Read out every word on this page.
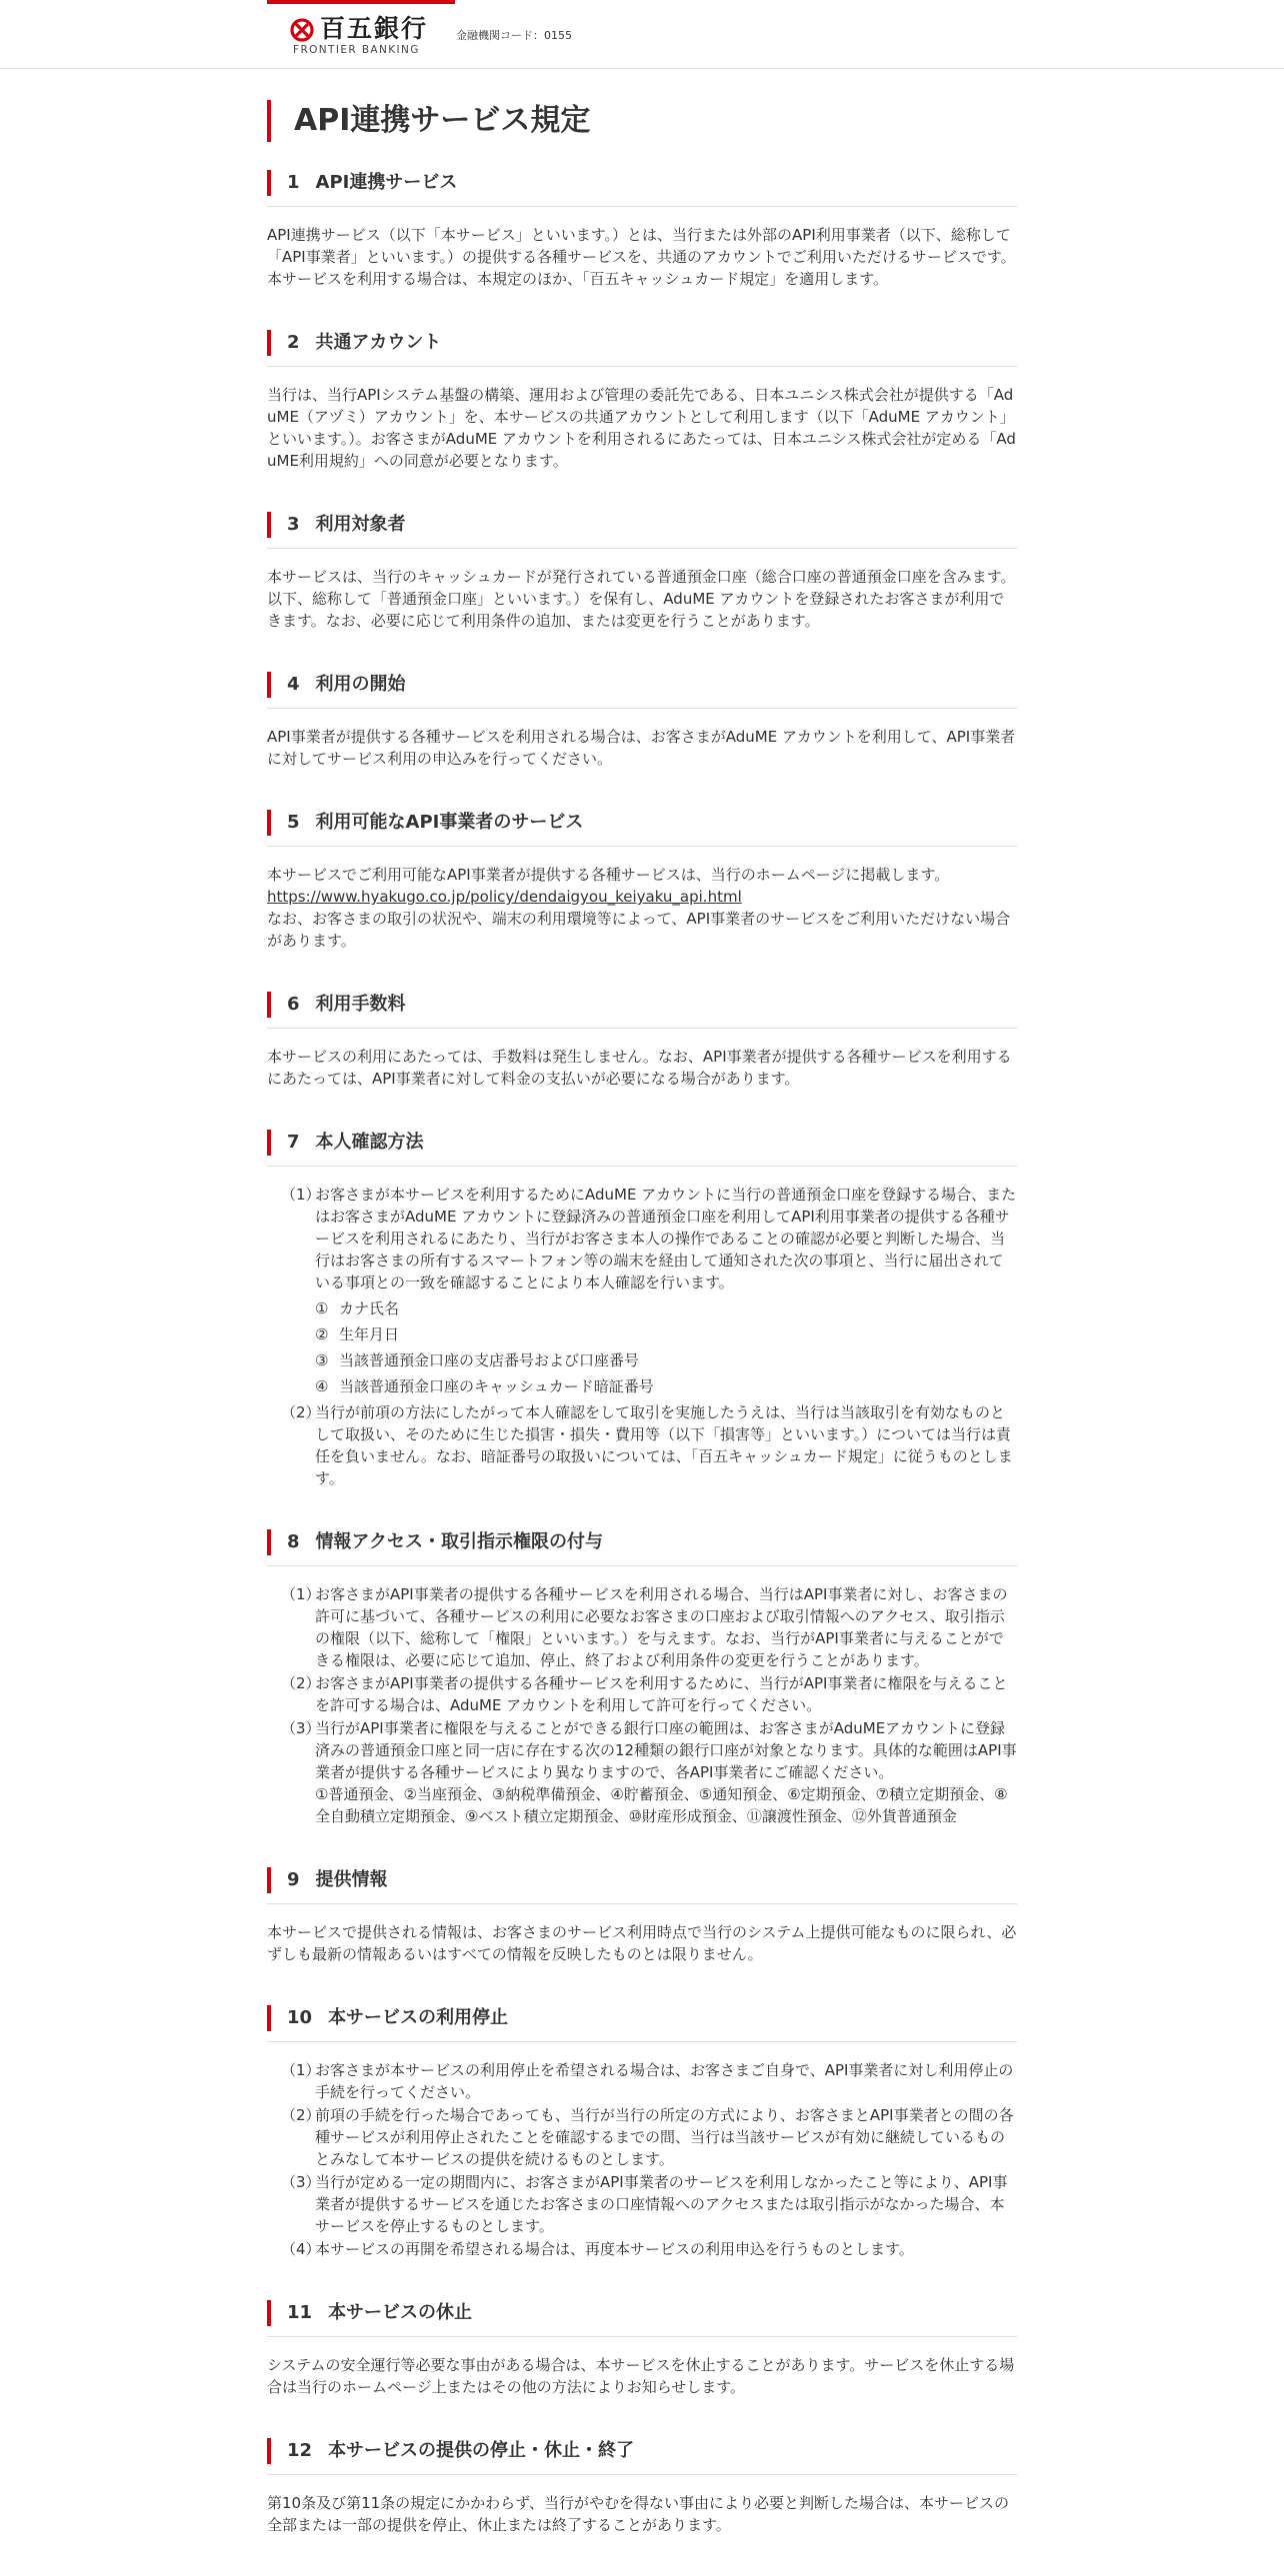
百五銀行
FRONTIER BANKING
金融機関コード：0155
API連携サービス規定
1 API連携サービス

API連携サービス（以下「本サービス」といいます。）とは、当行または外部のAPI利用事業者（以下、総称して「API事業者」といいます。）の提供する各種サービスを、共通のアカウントでご利用いただけるサービスです。本サービスを利用する場合は、本規定のほか、「百五キャッシュカード規定」を適用します。

2 共通アカウント

当行は、当行APIシステム基盤の構築、運用および管理の委託先である、日本ユニシス株式会社が提供する「AduME（アヅミ）アカウント」を、本サービスの共通アカウントとして利用します（以下「AduME アカウント」といいます。）。お客さまがAduME アカウントを利用されるにあたっては、日本ユニシス株式会社が定める「AduME利用規約」への同意が必要となります。

3 利用対象者

本サービスは、当行のキャッシュカードが発行されている普通預金口座（総合口座の普通預金口座を含みます。以下、総称して「普通預金口座」といいます。）を保有し、AduME アカウントを登録されたお客さまが利用できます。なお、必要に応じて利用条件の追加、または変更を行うことがあります。

4 利用の開始

API事業者が提供する各種サービスを利用される場合は、お客さまがAduME アカウントを利用して、API事業者に対してサービス利用の申込みを行ってください。

5 利用可能なAPI事業者のサービス

本サービスでご利用可能なAPI事業者が提供する各種サービスは、当行のホームページに掲載します。
https://www.hyakugo.co.jp/policy/dendaigyou_keiyaku_api.html
なお、お客さまの取引の状況や、端末の利用環境等によって、API事業者のサービスをご利用いただけない場合があります。

6 利用手数料

本サービスの利用にあたっては、手数料は発生しません。なお、API事業者が提供する各種サービスを利用するにあたっては、API事業者に対して料金の支払いが必要になる場合があります。

7 本人確認方法
（1）
お客さまが本サービスを利用するためにAduME アカウントに当行の普通預金口座を登録する場合、またはお客さまがAduME アカウントに登録済みの普通預金口座を利用してAPI利用事業者の提供する各種サービスを利用されるにあたり、当行がお客さま本人の操作であることの確認が必要と判断した場合、当行はお客さまの所有するスマートフォン等の端末を経由して通知された次の事項と、当行に届出されている事項との一致を確認することにより本人確認を行います。
① カナ氏名
② 生年月日
③ 当該普通預金口座の支店番号および口座番号
④ 当該普通預金口座のキャッシュカード暗証番号
（2）
当行が前項の方法にしたがって本人確認をして取引を実施したうえは、当行は当該取引を有効なものとして取扱い、そのために生じた損害・損失・費用等（以下「損害等」といいます。）については当行は責任を負いません。なお、暗証番号の取扱いについては、「百五キャッシュカード規定」に従うものとします。
8 情報アクセス・取引指示権限の付与
（1）
お客さまがAPI事業者の提供する各種サービスを利用される場合、当行はAPI事業者に対し、お客さまの許可に基づいて、各種サービスの利用に必要なお客さまの口座および取引情報へのアクセス、取引指示の権限（以下、総称して「権限」といいます。）を与えます。なお、当行がAPI事業者に与えることができる権限は、必要に応じて追加、停止、終了および利用条件の変更を行うことがあります。
（2）
お客さまがAPI事業者の提供する各種サービスを利用するために、当行がAPI事業者に権限を与えることを許可する場合は、AduME アカウントを利用して許可を行ってください。
（3）
当行がAPI事業者に権限を与えることができる銀行口座の範囲は、お客さまがAduMEアカウントに登録済みの普通預金口座と同一店に存在する次の12種類の銀行口座が対象となります。具体的な範囲はAPI事業者が提供する各種サービスにより異なりますので、各API事業者にご確認ください。
①普通預金、②当座預金、③納税準備預金、④貯蓄預金、⑤通知預金、⑥定期預金、⑦積立定期預金、⑧全自動積立定期預金、⑨ベスト積立定期預金、⑩財産形成預金、⑪譲渡性預金、⑫外貨普通預金
9 提供情報

本サービスで提供される情報は、お客さまのサービス利用時点で当行のシステム上提供可能なものに限られ、必ずしも最新の情報あるいはすべての情報を反映したものとは限りません。

10 本サービスの利用停止
（1）
お客さまが本サービスの利用停止を希望される場合は、お客さまご自身で、API事業者に対し利用停止の手続を行ってください。
（2）
前項の手続を行った場合であっても、当行が当行の所定の方式により、お客さまとAPI事業者との間の各種サービスが利用停止されたことを確認するまでの間、当行は当該サービスが有効に継続しているものとみなして本サービスの提供を続けるものとします。
（3）
当行が定める一定の期間内に、お客さまがAPI事業者のサービスを利用しなかったこと等により、API事業者が提供するサービスを通じたお客さまの口座情報へのアクセスまたは取引指示がなかった場合、本サービスを停止するものとします。
（4）
本サービスの再開を希望される場合は、再度本サービスの利用申込を行うものとします。
11 本サービスの休止

システムの安全運行等必要な事由がある場合は、本サービスを休止することがあります。サービスを休止する場合は当行のホームページ上またはその他の方法によりお知らせします。

12 本サービスの提供の停止・休止・終了

第10条及び第11条の規定にかかわらず、当行がやむを得ない事由により必要と判断した場合は、本サービスの全部または一部の提供を停止、休止または終了することがあります。
